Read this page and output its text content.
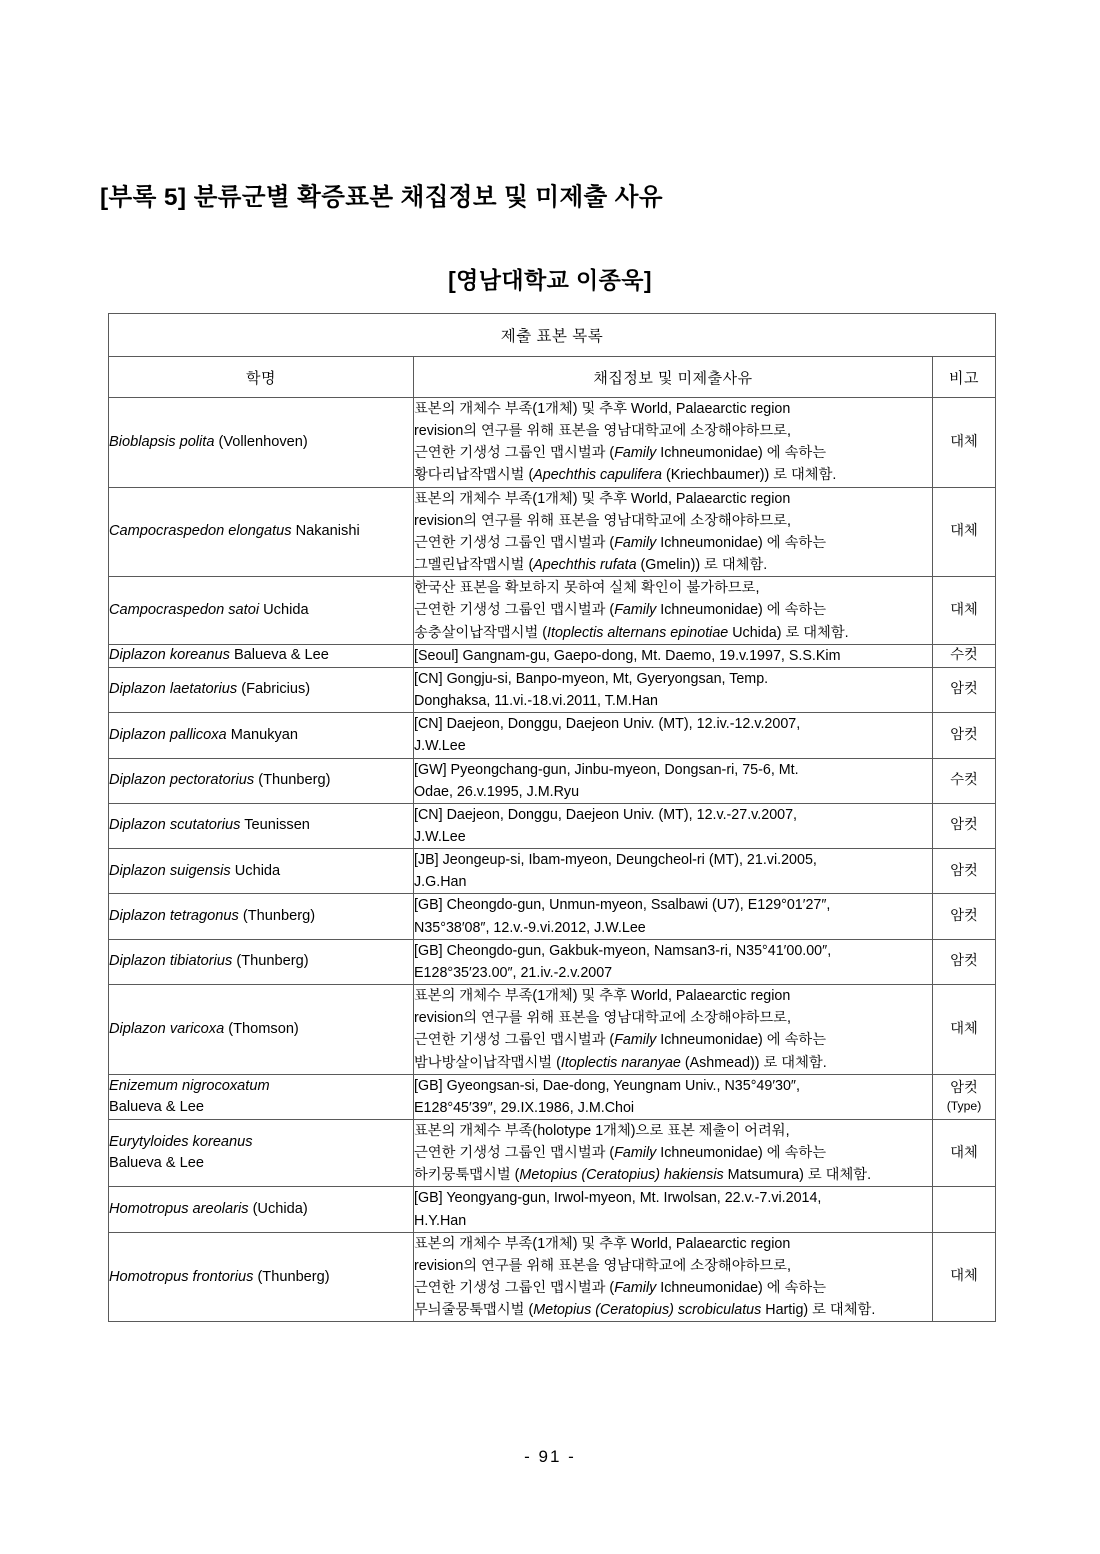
[부록 5] 분류군별 확증표본 채집정보 및 미제출 사유
[영남대학교 이종욱]
제출 표본 목록		
학명	채집정보 및 미제출사유	비고
Bioblapsis polita (Vollenhoven)	표본의 개체수 부족(1개체) 및 추후 World, Palaearctic region
revision의 연구를 위해 표본을 영남대학교에 소장해야하므로,
근연한 기생성 그룹인 맵시벌과 (Family Ichneumonidae) 에 속하는
황다리납작맵시벌 (Apechthis capulifera (Kriechbaumer)) 로 대체함.	대체
Campocraspedon elongatus Nakanishi	표본의 개체수 부족(1개체) 및 추후 World, Palaearctic region
revision의 연구를 위해 표본을 영남대학교에 소장해야하므로,
근연한 기생성 그룹인 맵시벌과 (Family Ichneumonidae) 에 속하는
그멜린납작맵시벌 (Apechthis rufata (Gmelin)) 로 대체함.	대체
Campocraspedon satoi Uchida	한국산 표본을 확보하지 못하여 실체 확인이 불가하므로,
근연한 기생성 그룹인 맵시벌과 (Family Ichneumonidae) 에 속하는
송충살이납작맵시벌 (Itoplectis alternans epinotiae Uchida) 로 대체함.	대체
Diplazon koreanus Balueva & Lee	[Seoul] Gangnam-gu, Gaepo-dong, Mt. Daemo, 19.v.1997, S.S.Kim	수컷
Diplazon laetatorius (Fabricius)	[CN] Gongju-si, Banpo-myeon, Mt, Gyeryongsan, Temp.
Donghaksa, 11.vi.-18.vi.2011, T.M.Han	암컷
Diplazon pallicoxa Manukyan	[CN] Daejeon, Donggu, Daejeon Univ. (MT), 12.iv.-12.v.2007,
J.W.Lee	암컷
Diplazon pectoratorius (Thunberg)	[GW] Pyeongchang-gun, Jinbu-myeon, Dongsan-ri, 75-6, Mt.
Odae, 26.v.1995, J.M.Ryu	수컷
Diplazon scutatorius Teunissen	[CN] Daejeon, Donggu, Daejeon Univ. (MT), 12.v.-27.v.2007,
J.W.Lee	암컷
Diplazon suigensis Uchida	[JB] Jeongeup-si, Ibam-myeon, Deungcheol-ri (MT), 21.vi.2005,
J.G.Han	암컷
Diplazon tetragonus (Thunberg)	[GB] Cheongdo-gun, Unmun-myeon, Ssalbawi (U7), E129°01′27″,
N35°38′08″, 12.v.-9.vi.2012, J.W.Lee	암컷
Diplazon tibiatorius (Thunberg)	[GB] Cheongdo-gun, Gakbuk-myeon, Namsan3-ri, N35°41′00.00″,
E128°35′23.00″, 21.iv.-2.v.2007	암컷
Diplazon varicoxa (Thomson)	표본의 개체수 부족(1개체) 및 추후 World, Palaearctic region
revision의 연구를 위해 표본을 영남대학교에 소장해야하므로,
근연한 기생성 그룹인 맵시벌과 (Family Ichneumonidae) 에 속하는
밤나방살이납작맵시벌 (Itoplectis naranyae (Ashmead)) 로 대체함.	대체
Enizemum nigrocoxatum
Balueva & Lee	[GB] Gyeongsan-si, Dae-dong, Yeungnam Univ., N35°49′30″,
E128°45′39″, 29.IX.1986, J.M.Choi	암컷
(Type)

Eurytyloides koreanus
Balueva & Lee	표본의 개체수 부족(holotype 1개체)으로 표본 제출이 어려워,
근연한 기생성 그룹인 맵시벌과 (Family Ichneumonidae) 에 속하는
하키뭉툭맵시벌 (Metopius (Ceratopius) hakiensis Matsumura) 로 대체함.	대체
Homotropus areolaris (Uchida)	[GB] Yeongyang-gun, Irwol-myeon, Mt. Irwolsan, 22.v.-7.vi.2014,
H.Y.Han	

Homotropus frontorius (Thunberg)	표본의 개체수 부족(1개체) 및 추후 World, Palaearctic region
revision의 연구를 위해 표본을 영남대학교에 소장해야하므로,
근연한 기생성 그룹인 맵시벌과 (Family Ichneumonidae) 에 속하는
무늬줄뭉툭맵시벌 (Metopius (Ceratopius) scrobiculatus Hartig) 로 대체함.	대체
- 91 -
